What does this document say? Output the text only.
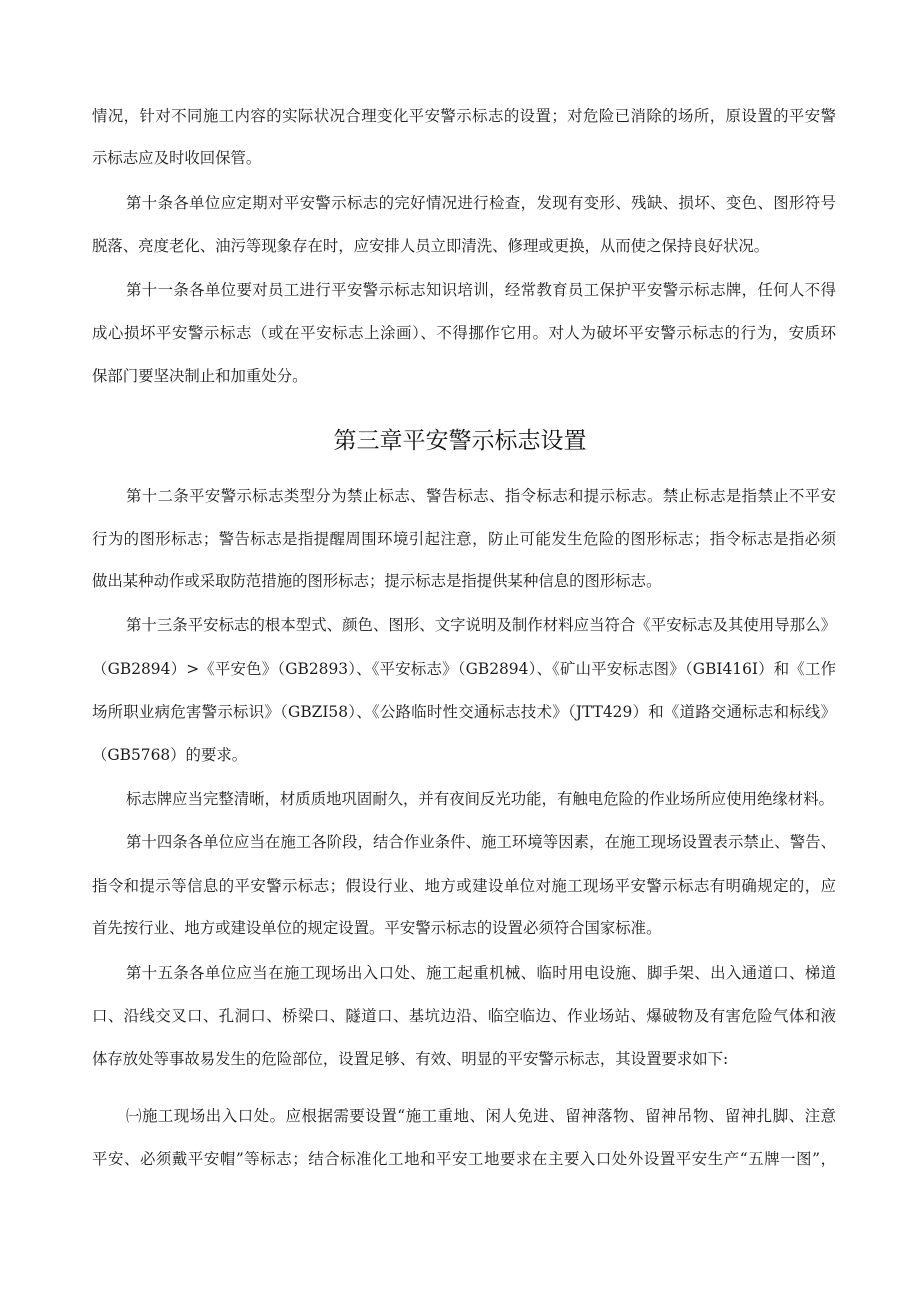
情况，针对不同施工内容的实际状况合理变化平安警示标志的设置；对危险已消除的场所，原设置的平安警
示标志应及时收回保管。
第十条各单位应定期对平安警示标志的完好情况进行检查，发现有变形、残缺、损坏、变色、图形符号
脱落、亮度老化、油污等现象存在时，应安排人员立即清洗、修理或更换，从而使之保持良好状况。
第十一条各单位要对员工进行平安警示标志知识培训，经常教育员工保护平安警示标志牌，任何人不得
成心损坏平安警示标志（或在平安标志上涂画）、不得挪作它用。对人为破坏平安警示标志的行为，安质环
保部门要坚决制止和加重处分。
第三章平安警示标志设置
第十二条平安警示标志类型分为禁止标志、警告标志、指令标志和提示标志。禁止标志是指禁止不平安
行为的图形标志；警告标志是指提醒周围环境引起注意，防止可能发生危险的图形标志；指令标志是指必须
做出某种动作或采取防范措施的图形标志；提示标志是指提供某种信息的图形标志。
第十三条平安标志的根本型式、颜色、图形、文字说明及制作材料应当符合《平安标志及其使用导那么》
（GB2894）>《平安色》（GB2893）、《平安标志》（GB2894）、《矿山平安标志图》（GBI416I）和《工作
场所职业病危害警示标识》（GBZI58）、《公路临时性交通标志技术》（JTT429）和《道路交通标志和标线》
（GB5768）的要求。
标志牌应当完整清晰，材质质地巩固耐久，并有夜间反光功能，有触电危险的作业场所应使用绝缘材料。
第十四条各单位应当在施工各阶段，结合作业条件、施工环境等因素，在施工现场设置表示禁止、警告、
指令和提示等信息的平安警示标志；假设行业、地方或建设单位对施工现场平安警示标志有明确规定的，应
首先按行业、地方或建设单位的规定设置。平安警示标志的设置必须符合国家标准。
第十五条各单位应当在施工现场出入口处、施工起重机械、临时用电设施、脚手架、出入通道口、梯道
口、沿线交叉口、孔洞口、桥梁口、隧道口、基坑边沿、临空临边、作业场站、爆破物及有害危险气体和液
体存放处等事故易发生的危险部位，设置足够、有效、明显的平安警示标志，其设置要求如下:
㈠施工现场出入口处。应根据需要设置“施工重地、闲人免进、留神落物、留神吊物、留神扎脚、注意
平安、必须戴平安帽”等标志；结合标准化工地和平安工地要求在主要入口处外设置平安生产“五牌一图”，
